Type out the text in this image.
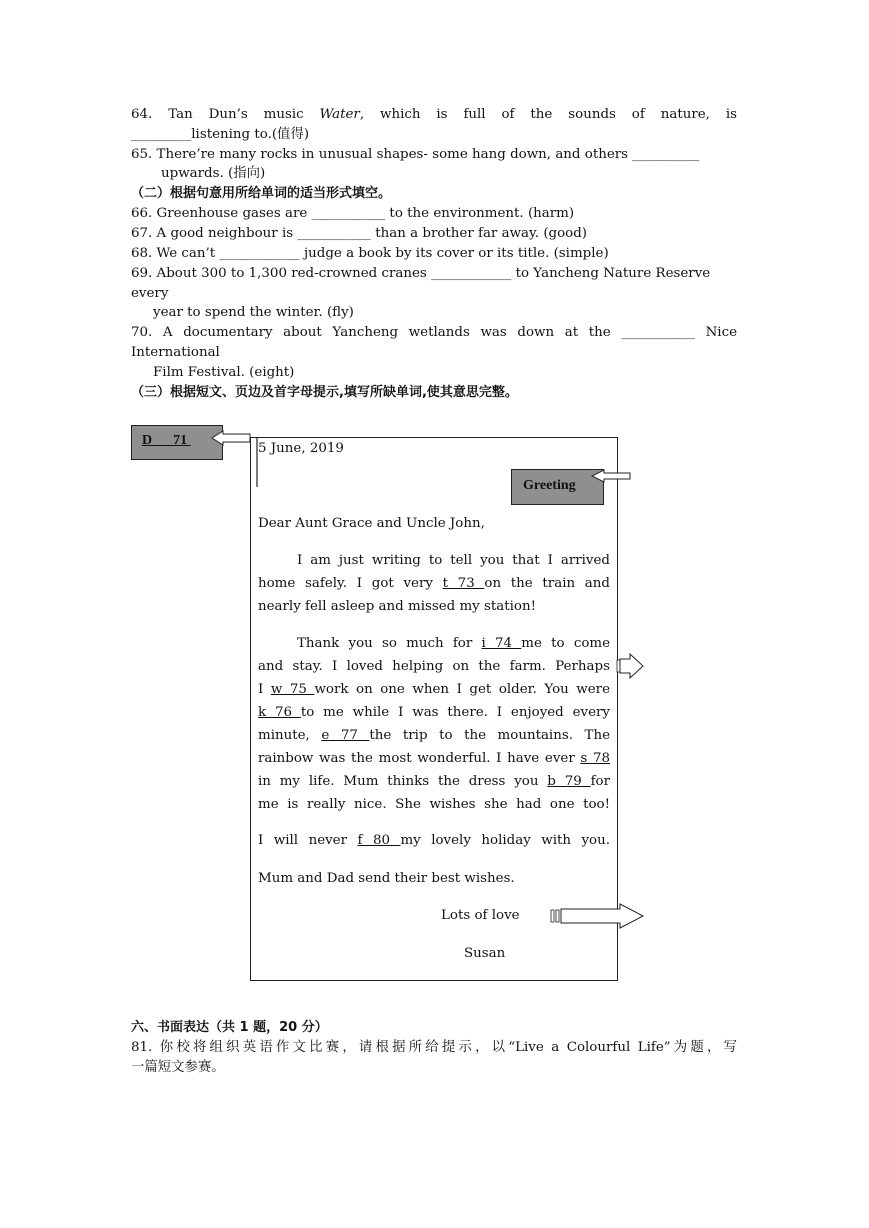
64. Tan Dun’s music Water, which is full of the sounds of nature, is
_________listening to.(值得)
65. There’re many rocks in unusual shapes- some hang down, and others __________
upwards. (指向)
（二）根据句意用所给单词的适当形式填空。
66. Greenhouse gases are ___________ to the environment. (harm)
67. A good neighbour is ___________ than a brother far away. (good)
68. We can’t ____________ judge a book by its cover or its title. (simple)
69. About 300 to 1,300 red-crowned cranes ____________ to Yancheng Nature Reserve
every
year to spend the winter. (fly)
70. A documentary about Yancheng wetlands was down at the ___________ Nice
International
Film Festival. (eight)
（三）根据短文、页边及首字母提示,填写所缺单词,使其意思完整。
D 71
Greeting
5 June, 2019
Dear Aunt Grace and Uncle John,
I am just writing to tell you that I arrived
home safely. I got very t 73 on the train and
nearly fell asleep and missed my station!
Thank you so much for i 74 me to come
and stay. I loved helping on the farm. Perhaps
I w 75 work on one when I get older. You were
k 76 to me while I was there. I enjoyed every
minute, e 77 the trip to the mountains. The
rainbow was the most wonderful. I have ever s 78
in my life. Mum thinks the dress you b 79 for
me is really nice. She wishes she had one too!
I will never f 80 my lovely holiday with you.
Mum and Dad send their best wishes.
Lots of love
Susan
六、书面表达（共 1 题，20 分）
81. 你校将组织英语作文比赛，请根据所给提示，以“Live a Colourful Life”为题，写
一篇短文参赛。
